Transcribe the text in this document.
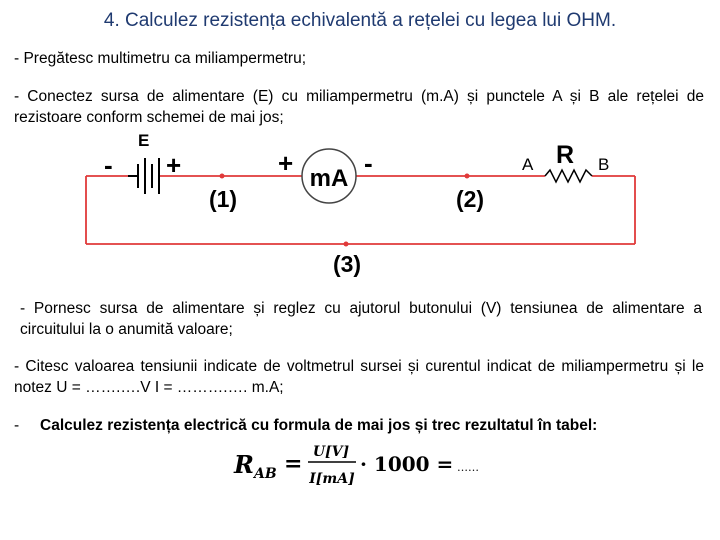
4. Calculez rezistența echivalentă a rețelei cu legea lui OHM.
- Pregătesc multimetru ca miliampermetru;
- Conectez sursa de alimentare (E) cu miliampermetru (m.A) și punctele A și B ale rețelei de rezistoare conform schemei de mai jos;
E
- +	mA
+	-	R
A	B
(1)	(2)
(3)
$R_{AB} = U[V]$
I[mA]
· 1000 = ……
- Pornesc sursa de alimentare și reglez cu ajutorul butonului (V) tensiunea de alimentare a circuitului la o anumită valoare;
- Citesc valoarea tensiunii indicate de voltmetrul sursei și curentul indicat de miliampermetru și le notez U = …….….V I = ……….…. m.A;
- Calculez rezistența electrică cu formula de mai jos și trec rezultatul în tabel:
